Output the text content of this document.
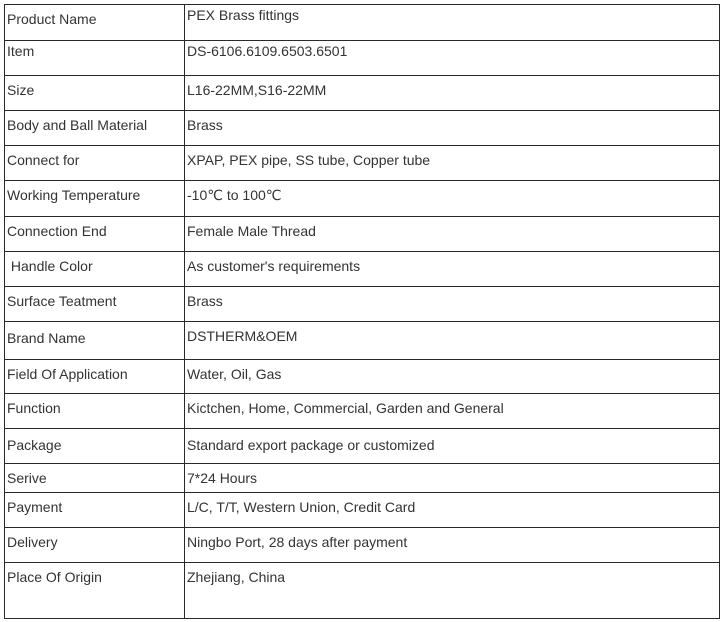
Product Name	PEX Brass fittings

Item	DS-6106.6109.6503.6501

Size	L16-22MM,S16-22MM

Body and Ball Material	Brass

Connect for	XPAP, PEX pipe, SS tube, Copper tube

Working Temperature	-10℃ to 100℃

Connection End	Female Male Thread

Handle Color	As customer's requirements

Surface Teatment	Brass

Brand Name	DSTHERM&OEM

Field Of Application	Water, Oil, Gas

Function	Kictchen, Home, Commercial, Garden and General

Package	Standard export package or customized

Serive	7*24 Hours

Payment	L/C, T/T, Western Union, Credit Card

Delivery	Ningbo Port, 28 days after payment

Place Of Origin	Zhejiang, China
